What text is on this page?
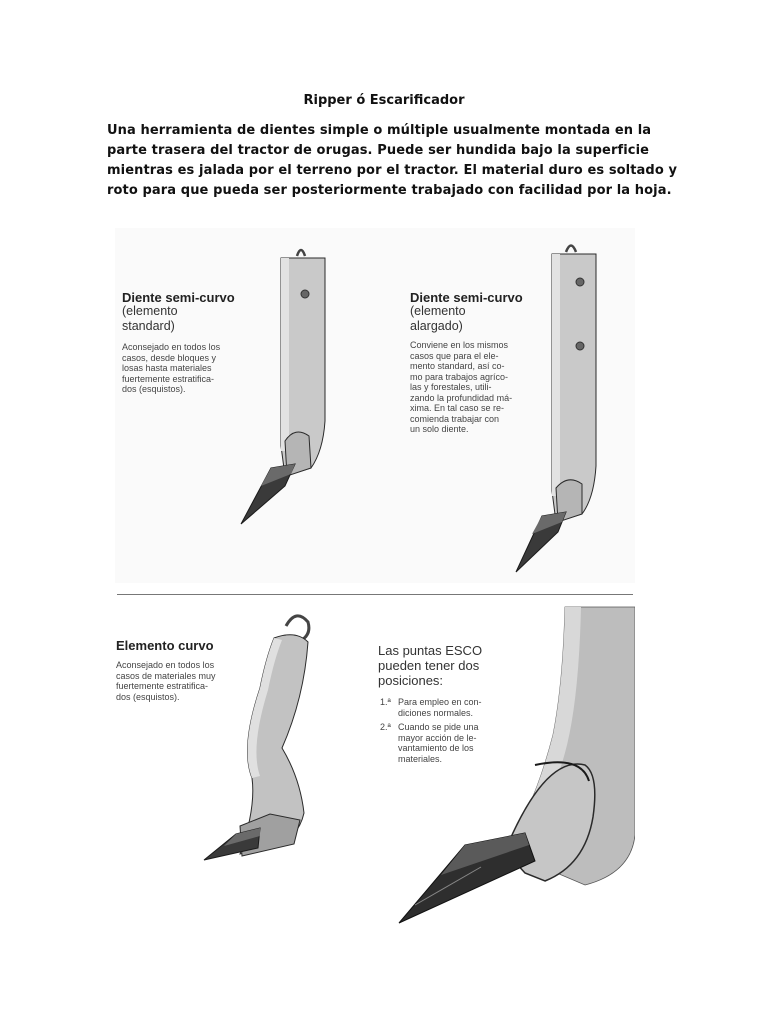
Ripper ó Escarificador
Una herramienta de dientes simple o múltiple usualmente montada en la
parte trasera del tractor de orugas. Puede ser hundida bajo la superficie
mientras es jalada por el terreno por el tractor. El material duro es soltado y
roto para que pueda ser posteriormente trabajado con facilidad por la hoja.
Diente semi-curvo
(elemento
standard)
Aconsejado en todos los
casos, desde bloques y
losas hasta materiales
fuertemente estratifica-
dos (esquistos).
Diente semi-curvo
(elemento
alargado)
Conviene en los mismos
casos que para el ele-
mento standard, así co-
mo para trabajos agríco-
las y forestales, utili-
zando la profundidad má-
xima. En tal caso se re-
comienda trabajar con
un solo diente.
Elemento curvo
Aconsejado en todos los
casos de materiales muy
fuertemente estratifica-
dos (esquistos).
Las puntas ESCO
pueden tener dos
posiciones:
1.ª Para empleo en con-
diciones normales.
2.ª Cuando se pide una
mayor acción de le-
vantamiento de los
materiales.
